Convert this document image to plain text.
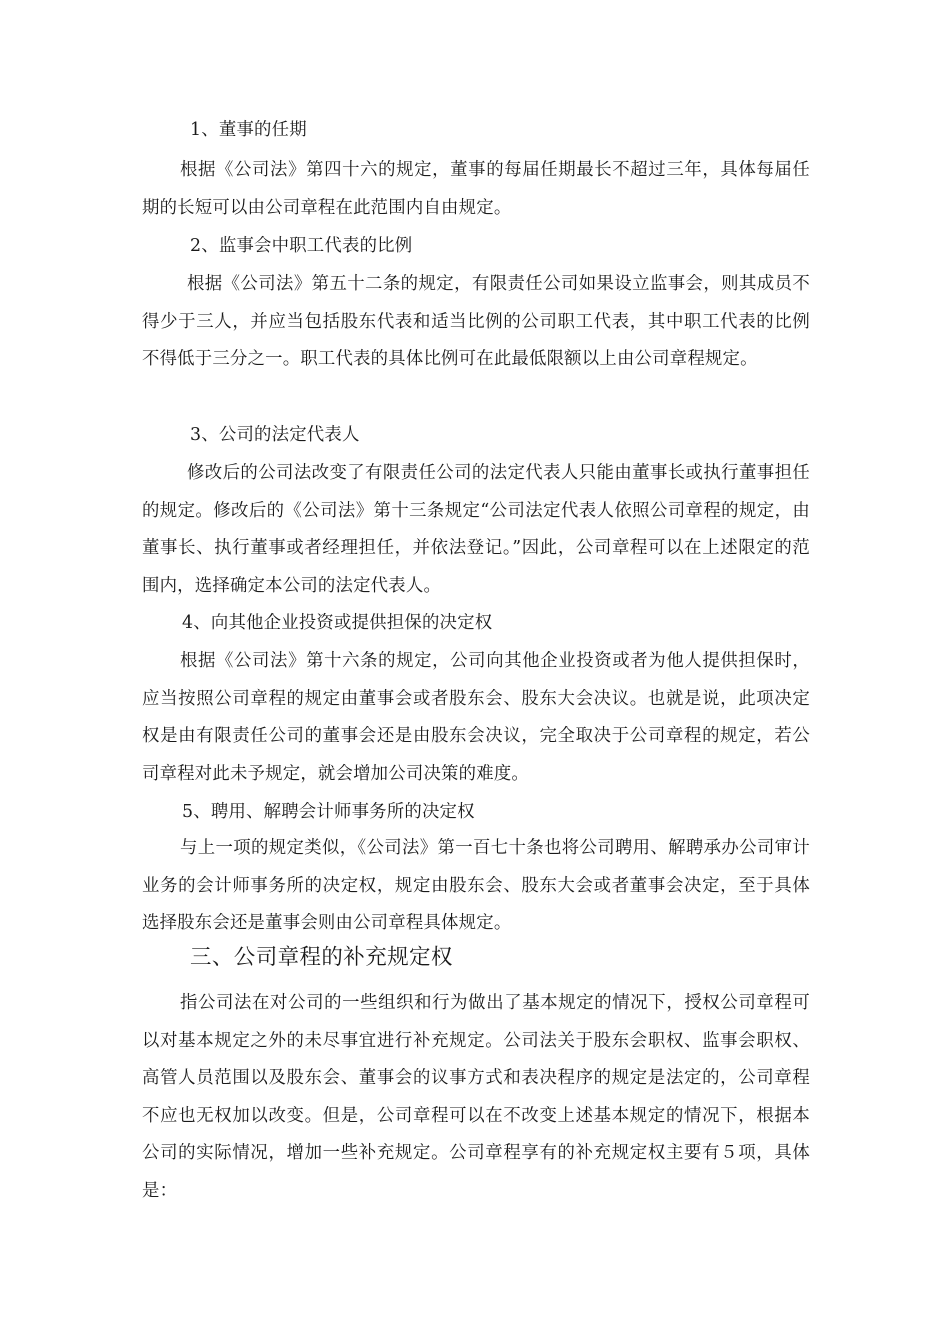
1、董事的任期

根据《公司法》第四十六的规定，董事的每届任期最长不超过三年，具体每届任期的长短可以由公司章程在此范围内自由规定。

2、监事会中职工代表的比例

根据《公司法》第五十二条的规定，有限责任公司如果设立监事会，则其成员不得少于三人，并应当包括股东代表和适当比例的公司职工代表，其中职工代表的比例不得低于三分之一。职工代表的具体比例可在此最低限额以上由公司章程规定。

3、公司的法定代表人

修改后的公司法改变了有限责任公司的法定代表人只能由董事长或执行董事担任的规定。修改后的《公司法》第十三条规定“公司法定代表人依照公司章程的规定，由董事长、执行董事或者经理担任，并依法登记。”因此，公司章程可以在上述限定的范围内，选择确定本公司的法定代表人。

4、向其他企业投资或提供担保的决定权

根据《公司法》第十六条的规定，公司向其他企业投资或者为他人提供担保时，应当按照公司章程的规定由董事会或者股东会、股东大会决议。也就是说，此项决定权是由有限责任公司的董事会还是由股东会决议，完全取决于公司章程的规定，若公司章程对此未予规定，就会增加公司决策的难度。

5、聘用、解聘会计师事务所的决定权

与上一项的规定类似，《公司法》第一百七十条也将公司聘用、解聘承办公司审计业务的会计师事务所的决定权，规定由股东会、股东大会或者董事会决定，至于具体选择股东会还是董事会则由公司章程具体规定。

三、公司章程的补充规定权

指公司法在对公司的一些组织和行为做出了基本规定的情况下，授权公司章程可以对基本规定之外的未尽事宜进行补充规定。公司法关于股东会职权、监事会职权、高管人员范围以及股东会、董事会的议事方式和表决程序的规定是法定的，公司章程不应也无权加以改变。但是，公司章程可以在不改变上述基本规定的情况下，根据本公司的实际情况，增加一些补充规定。公司章程享有的补充规定权主要有５项，具体是：
